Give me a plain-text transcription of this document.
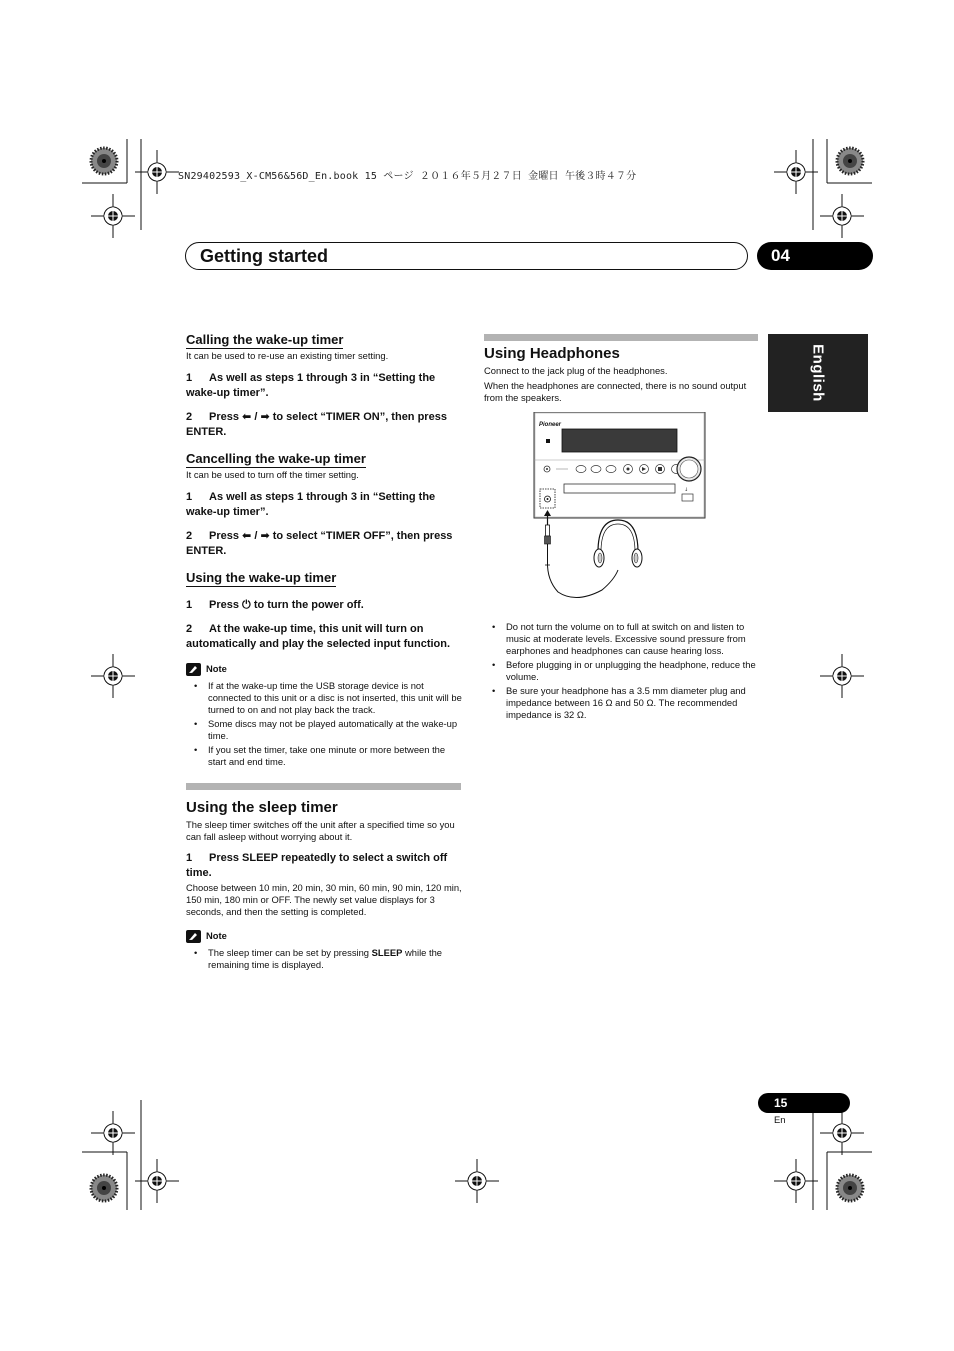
SN29402593_X-CM56&56D_En.book 15 ページ ２０１６年５月２７日 金曜日 午後３時４７分
Getting started	04
English
Calling the wake-up timer
It can be used to re-use an existing timer setting.
1 As well as steps 1 through 3 in “Setting the wake-up timer”.
2 Press ⬅ / ➡ to select “TIMER ON”, then press ENTER.
Cancelling the wake-up timer
It can be used to turn off the timer setting.
1 As well as steps 1 through 3 in “Setting the wake-up timer”.
2 Press ⬅ / ➡ to select “TIMER OFF”, then press ENTER.
Using the wake-up timer
1 Press ⏻ to turn the power off.
2 At the wake-up time, this unit will turn on automatically and play the selected input function.
Note
• If at the wake-up time the USB storage device is not connected to this unit or a disc is not inserted, this unit will be turned to on and not play back the track.
• Some discs may not be played automatically at the wake-up time.
• If you set the timer, take one minute or more between the start and end time.
Using the sleep timer
The sleep timer switches off the unit after a specified time so you can fall asleep without worrying about it.
1 Press SLEEP repeatedly to select a switch off time.
Choose between 10 min, 20 min, 30 min, 60 min, 90 min, 120 min, 150 min, 180 min or OFF. The newly set value displays for 3 seconds, and then the setting is completed.
Note
• The sleep timer can be set by pressing SLEEP while the remaining time is displayed.
Using Headphones
Connect to the jack plug of the headphones.
When the headphones are connected, there is no sound output from the speakers.
Pioneer
↓
• Do not turn the volume on to full at switch on and listen to music at moderate levels. Excessive sound pressure from earphones and headphones can cause hearing loss.
• Before plugging in or unplugging the headphone, reduce the volume.
• Be sure your headphone has a 3.5 mm diameter plug and impedance between 16 Ω and 50 Ω. The recommended impedance is 32 Ω.
15
En
